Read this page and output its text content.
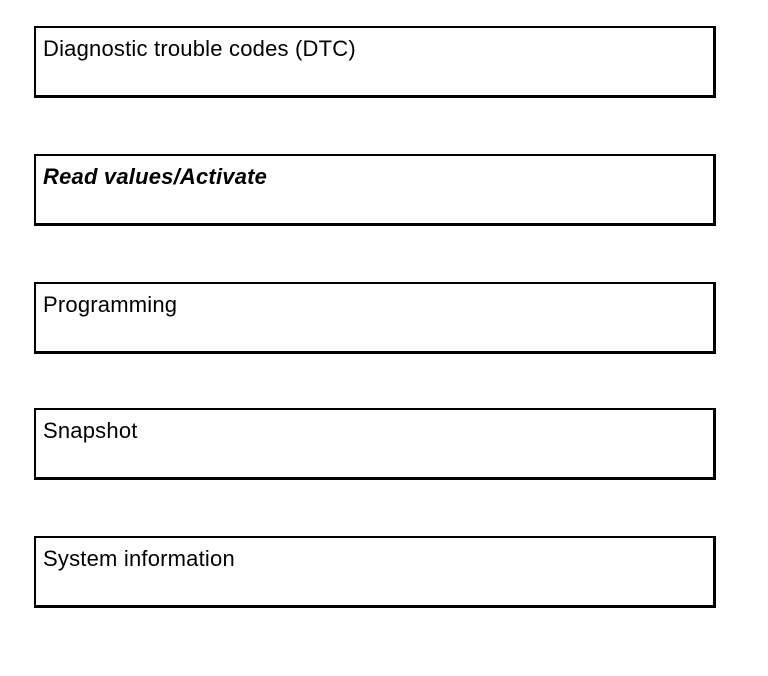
Diagnostic trouble codes (DTC)
Read values/Activate
Programming
Snapshot
System information
